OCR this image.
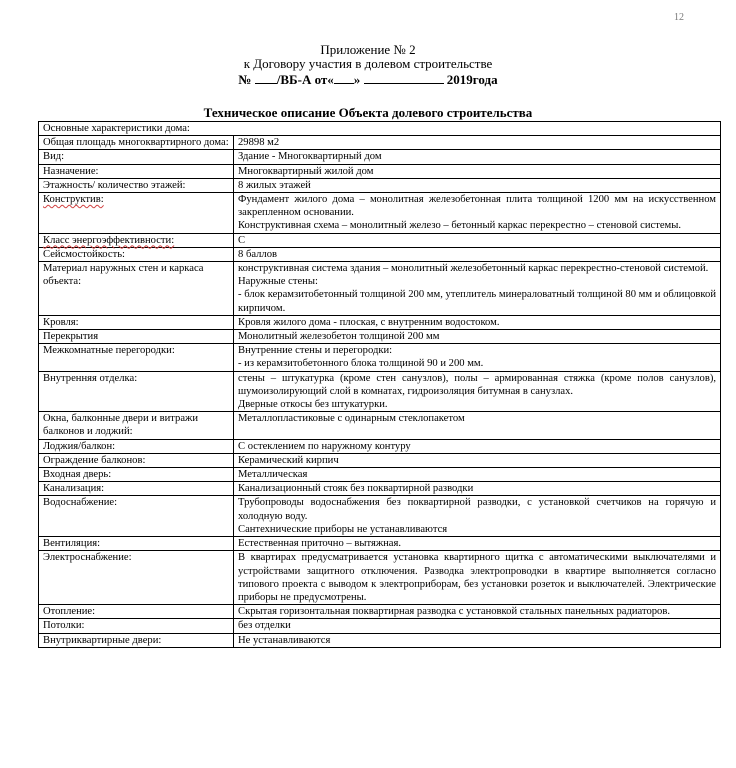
12
Приложение № 2
к Договору участия в долевом строительстве
№ /ВБ-А от« »	2019года
Техническое описание Объекта долевого строительства
Основные характеристики дома:	
Общая площадь многоквартирного дома:	29898 м2

Вид:	Здание - Многоквартирный дом

Назначение:	Многоквартирный жилой дом

Этажность/ количество этажей:	8 жилых этажей

Конструктив:	Фундамент жилого дома – монолитная железобетонная плита толщиной 1200 мм на искусственном закрепленном основании.
Конструктивная схема – монолитный железо – бетонный каркас перекрестно – стеновой системы.

Класс энергоэффективности:	С

Сейсмостойкость:	8 баллов

Материал наружных стен и каркаса объекта:	конструктивная система здания – монолитный железобетонный каркас перекрестно-стеновой системой.
Наружные стены:
- блок керамзитобетонный толщиной 200 мм, утеплитель минераловатный толщиной 80 мм и облицовкой кирпичом.

Кровля:	Кровля жилого дома - плоская, с внутренним водостоком.

Перекрытия	Монолитный железобетон толщиной 200 мм

Межкомнатные перегородки:	Внутренние стены и перегородки:
- из керамзитобетонного блока толщиной 90 и 200 мм.

Внутренняя отделка:	стены – штукатурка (кроме стен санузлов), полы – армированная стяжка (кроме полов санузлов), шумоизолирующий слой в комнатах, гидроизоляция битумная в санузлах.
Дверные откосы без штукатурки.

Окна, балконные двери и витражи балконов и лоджий:	Металлопластиковые с одинарным стеклопакетом

Лоджия/балкон:	С остеклением по наружному контуру

Ограждение балконов:	Керамический кирпич

Входная дверь:	Металлическая

Канализация:	Канализационный стояк без поквартирной разводки

Водоснабжение:	Трубопроводы водоснабжения без поквартирной разводки, с установкой счетчиков на горячую и холодную воду.
Сантехнические приборы не устанавливаются

Вентиляция:	Естественная приточно – вытяжная.

Электроснабжение:	В квартирах предусматривается установка квартирного щитка с автоматическими выключателями и устройствами защитного отключения. Разводка электропроводки в квартире выполняется согласно типового проекта с выводом к электроприборам, без установки розеток и выключателей. Электрические приборы не предусмотрены.

Отопление:	Скрытая горизонтальная поквартирная разводка с установкой стальных панельных радиаторов.

Потолки:	без отделки

Внутриквартирные двери:	Не устанавливаются
